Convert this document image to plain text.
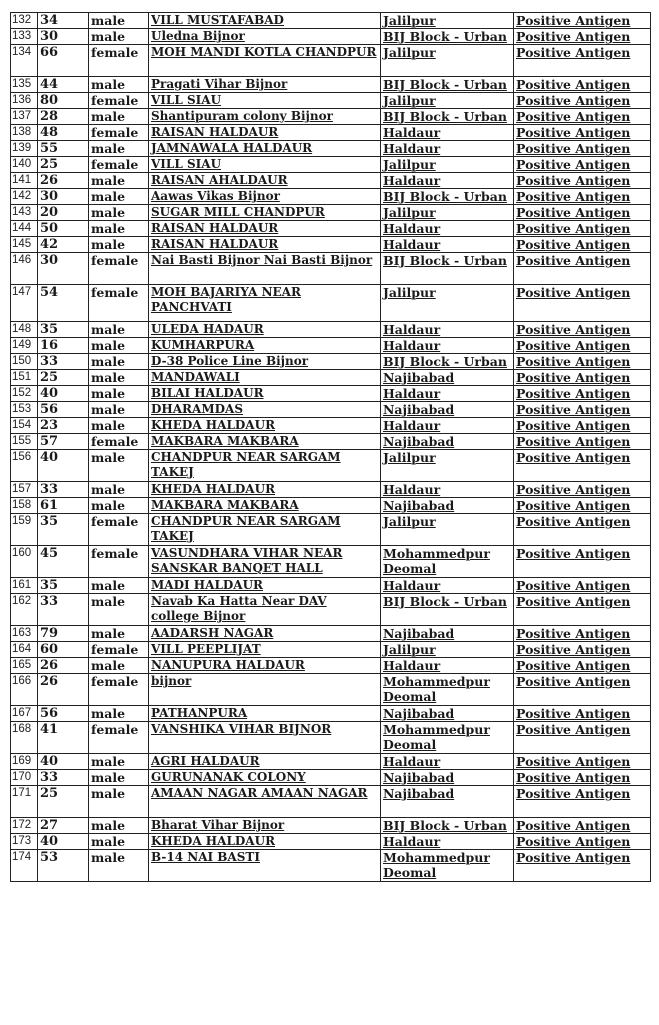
132	34	male	VILL MUSTAFABAD	Jalilpur	Positive Antigen
133	30	male	Uledna Bijnor	BIJ Block - Urban	Positive Antigen
134	66	female	MOH MANDI KOTLA CHANDPUR	Jalilpur	Positive Antigen
135	44	male	Pragati Vihar Bijnor	BIJ Block - Urban	Positive Antigen
136	80	female	VILL SIAU	Jalilpur	Positive Antigen
137	28	male	Shantipuram colony Bijnor	BIJ Block - Urban	Positive Antigen
138	48	female	RAISAN HALDAUR	Haldaur	Positive Antigen
139	55	male	JAMNAWALA HALDAUR	Haldaur	Positive Antigen
140	25	female	VILL SIAU	Jalilpur	Positive Antigen
141	26	male	RAISAN AHALDAUR	Haldaur	Positive Antigen
142	30	male	Aawas Vikas Bijnor	BIJ Block - Urban	Positive Antigen
143	20	male	SUGAR MILL CHANDPUR	Jalilpur	Positive Antigen
144	50	male	RAISAN HALDAUR	Haldaur	Positive Antigen
145	42	male	RAISAN HALDAUR	Haldaur	Positive Antigen
146	30	female	Nai Basti Bijnor Nai Basti Bijnor	BIJ Block - Urban	Positive Antigen
147	54	female	MOH BAJARIYA NEAR PANCHVATI	Jalilpur	Positive Antigen
148	35	male	ULEDA HADAUR	Haldaur	Positive Antigen
149	16	male	KUMHARPURA	Haldaur	Positive Antigen
150	33	male	D-38 Police Line Bijnor	BIJ Block - Urban	Positive Antigen
151	25	male	MANDAWALI	Najibabad	Positive Antigen
152	40	male	BILAI HALDAUR	Haldaur	Positive Antigen
153	56	male	DHARAMDAS	Najibabad	Positive Antigen
154	23	male	KHEDA HALDAUR	Haldaur	Positive Antigen
155	57	female	MAKBARA MAKBARA	Najibabad	Positive Antigen
156	40	male	CHANDPUR NEAR SARGAM TAKEJ	Jalilpur	Positive Antigen
157	33	male	KHEDA HALDAUR	Haldaur	Positive Antigen
158	61	male	MAKBARA MAKBARA	Najibabad	Positive Antigen
159	35	female	CHANDPUR NEAR SARGAM TAKEJ	Jalilpur	Positive Antigen
160	45	female	VASUNDHARA VIHAR NEAR SANSKAR BANQET HALL	Mohammedpur Deomal	Positive Antigen
161	35	male	MADI HALDAUR	Haldaur	Positive Antigen
162	33	male	Navab Ka Hatta Near DAV college Bijnor	BIJ Block - Urban	Positive Antigen
163	79	male	AADARSH NAGAR	Najibabad	Positive Antigen
164	60	female	VILL PEEPLIJAT	Jalilpur	Positive Antigen
165	26	male	NANUPURA HALDAUR	Haldaur	Positive Antigen
166	26	female	bijnor	Mohammedpur Deomal	Positive Antigen
167	56	male	PATHANPURA	Najibabad	Positive Antigen
168	41	female	VANSHIKA VIHAR BIJNOR	Mohammedpur Deomal	Positive Antigen
169	40	male	AGRI HALDAUR	Haldaur	Positive Antigen
170	33	male	GURUNANAK COLONY	Najibabad	Positive Antigen
171	25	male	AMAAN NAGAR AMAAN NAGAR	Najibabad	Positive Antigen
172	27	male	Bharat Vihar Bijnor	BIJ Block - Urban	Positive Antigen
173	40	male	KHEDA HALDAUR	Haldaur	Positive Antigen
174	53	male	B-14 NAI BASTI	Mohammedpur Deomal	Positive Antigen
